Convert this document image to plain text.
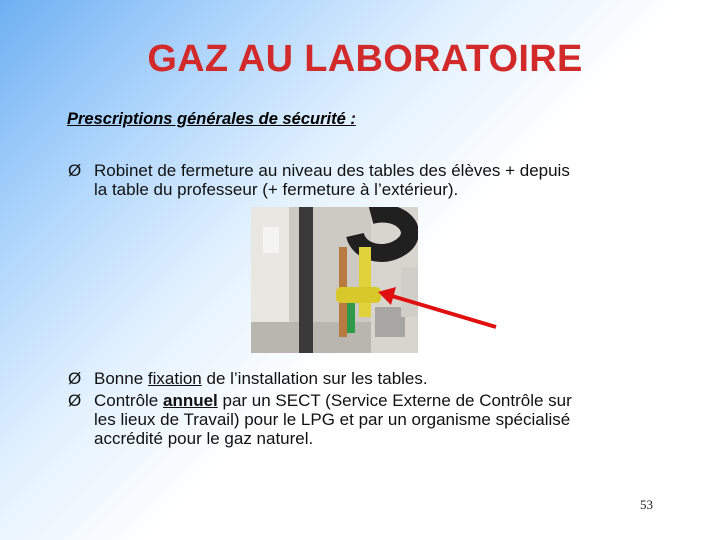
GAZ AU LABORATOIRE
Prescriptions générales de sécurité :
Ø Robinet de fermeture au niveau des tables des élèves + depuis
la table du professeur (+ fermeture à l’extérieur).
Ø Bonne fixation de l’installation sur les tables.
Ø Contrôle annuel par un SECT (Service Externe de Contrôle sur
les lieux de Travail) pour le LPG et par un organisme spécialisé
accrédité pour le gaz naturel.
53
